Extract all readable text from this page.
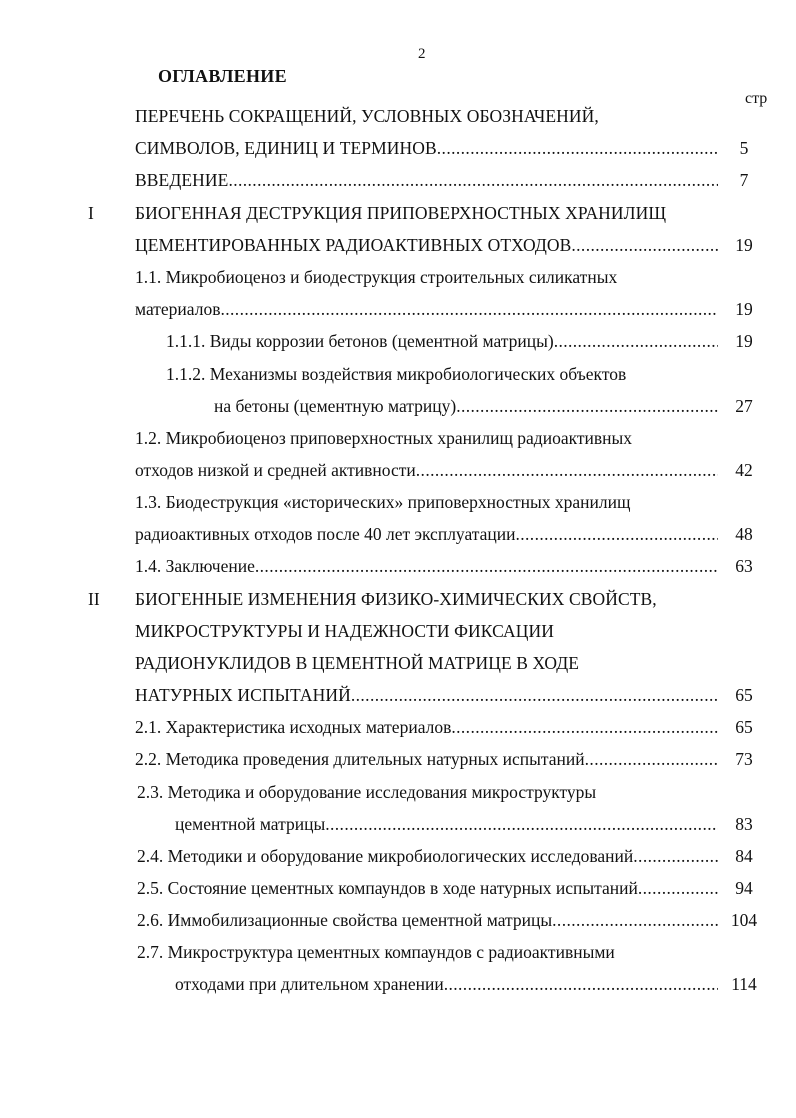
2
ОГЛАВЛЕНИЕ
стр
ПЕРЕЧЕНЬ СОКРАЩЕНИЙ, УСЛОВНЫХ ОБОЗНАЧЕНИЙ,
СИМВОЛОВ, ЕДИНИЦ И ТЕРМИНОВ .....	5
ВВЕДЕНИЕ .....	7
I БИОГЕННАЯ ДЕСТРУКЦИЯ ПРИПОВЕРХНОСТНЫХ ХРАНИЛИЩ
ЦЕМЕНТИРОВАННЫХ РАДИОАКТИВНЫХ ОТХОДОВ .....	19
1.1. Микробиоценоз и биодеструкция строительных силикатных
материалов .....	19
1.1.1. Виды коррозии бетонов (цементной матрицы) .....	19
1.1.2. Механизмы воздействия микробиологических объектов
на бетоны (цементную матрицу) .....	27
1.2. Микробиоценоз приповерхностных хранилищ радиоактивных
отходов низкой и средней активности .....	42
1.3. Биодеструкция «исторических» приповерхностных хранилищ
радиоактивных отходов после 40 лет эксплуатации .....	48
1.4. Заключение .....	63
II БИОГЕННЫЕ ИЗМЕНЕНИЯ ФИЗИКО-ХИМИЧЕСКИХ СВОЙСТВ,
МИКРОСТРУКТУРЫ И НАДЕЖНОСТИ ФИКСАЦИИ
РАДИОНУКЛИДОВ В ЦЕМЕНТНОЙ МАТРИЦЕ В ХОДЕ
НАТУРНЫХ ИСПЫТАНИЙ .....	65
2.1. Характеристика исходных материалов .....	65
2.2. Методика проведения длительных натурных испытаний .....	73
2.3. Методика и оборудование исследования микроструктуры
цементной матрицы .....	83
2.4. Методики и оборудование микробиологических исследований .....	84
2.5. Состояние цементных компаундов в ходе натурных испытаний .....	94
2.6. Иммобилизационные свойства цементной матрицы .....	104
2.7. Микроструктура цементных компаундов с радиоактивными
отходами при длительном хранении .....	114
